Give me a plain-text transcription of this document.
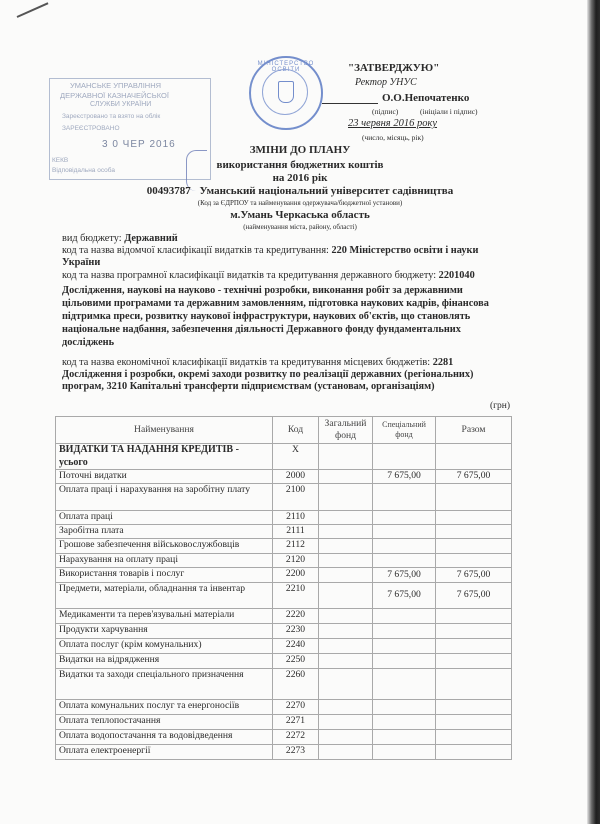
УМАНСЬКЕ УПРАВЛІННЯ
ДЕРЖАВНОЇ КАЗНАЧЕЙСЬКОЇ
СЛУЖБИ УКРАЇНИ
Зареєстровано та взято на облік
ЗАРЕЄСТРОВАНО
3 0 ЧЕР 2016
КЕКВ
Відповідальна особа
МІНІСТЕРСТВО ОСВІТИ	"ЗАТВЕРДЖУЮ"
Ректор УНУС
О.О.Непочатенко
(підпис)	(ініціали і підпис)
23 червня 2016 року
(число, місяць, рік)
ЗМІНИ ДО ПЛАНУ
використання бюджетних коштів
на 2016 рік
00493787 Уманський національний університет садівництва
(Код за ЄДРПОУ та найменування одержувача/бюджетної установи)
м.Умань Черкаська область
(найменування міста, району, області)
вид бюджету: Державний
код та назва відомчої класифікації видатків та кредитування: 220 Міністерство освіти і науки України
код та назва програмної класифікації видатків та кредитування державного бюджету: 2201040
Дослідження, наукові на науково - технічні розробки, виконання робіт за державними цільовими програмами та державним замовленням, підготовка наукових кадрів, фінансова підтримка преси, розвитку наукової інфраструктури, наукових об'єктів, що становлять національне надбання, забезпечення діяльності Державного фонду фундаментальних досліджень
код та назва економічної класифікації видатків та кредитування місцевих бюджетів: 2281 Дослідження і розробки, окремі заходи розвитку по реалізації державних (регіональних) програм, 3210 Капітальні трансферти підприємствам (установам, організаціям)
(грн)
Найменування	Код	Загальний фонд	Спеціальний фонд	Разом
ВИДАТКИ ТА НАДАННЯ КРЕДИТІВ - усього	Х			
Поточні видатки	2000		7 675,00	7 675,00
Оплата праці і нарахування на заробітну плату	2100			
Оплата праці	2110			
Заробітна плата	2111			
Грошове забезпечення військовослужбовців	2112			
Нарахування на оплату праці	2120			
Використання товарів і послуг	2200		7 675,00	7 675,00
Предмети, матеріали, обладнання та інвентар	2210		7 675,00	7 675,00
Медикаменти та перев'язувальні матеріали	2220			
Продукти харчування	2230			
Оплата послуг (крім комунальних)	2240			
Видатки на відрядження	2250			
Видатки та заходи спеціального призначення	2260			
Оплата комунальних послуг та енергоносіїв	2270			
Оплата теплопостачання	2271			
Оплата водопостачання та водовідведення	2272			
Оплата електроенергії	2273			
